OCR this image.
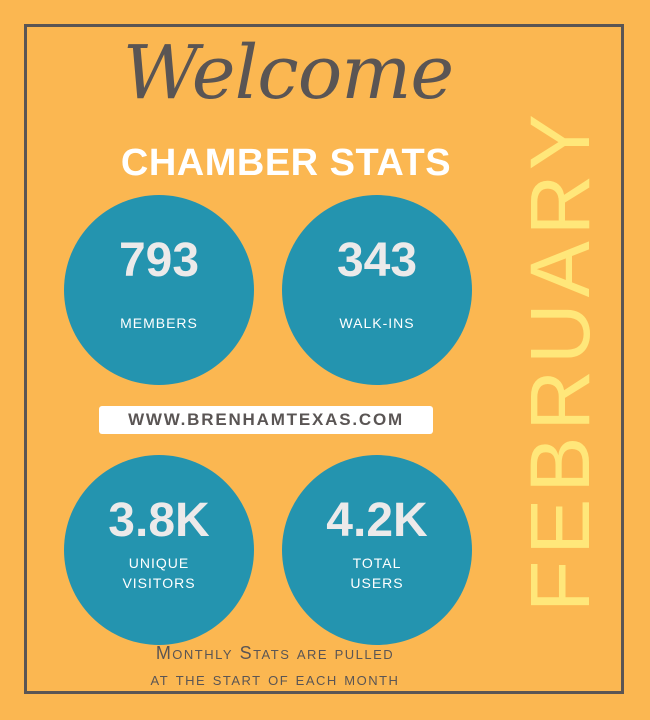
Welcome
CHAMBER STATS FEBRUARY
793
MEMBERS
343
WALK-INS
WWW.BRENHAMTEXAS.COM
3.8K
UNIQUE
VISITORS
4.2K
TOTAL
USERS
Monthly Stats are pulled
at the start of each month
